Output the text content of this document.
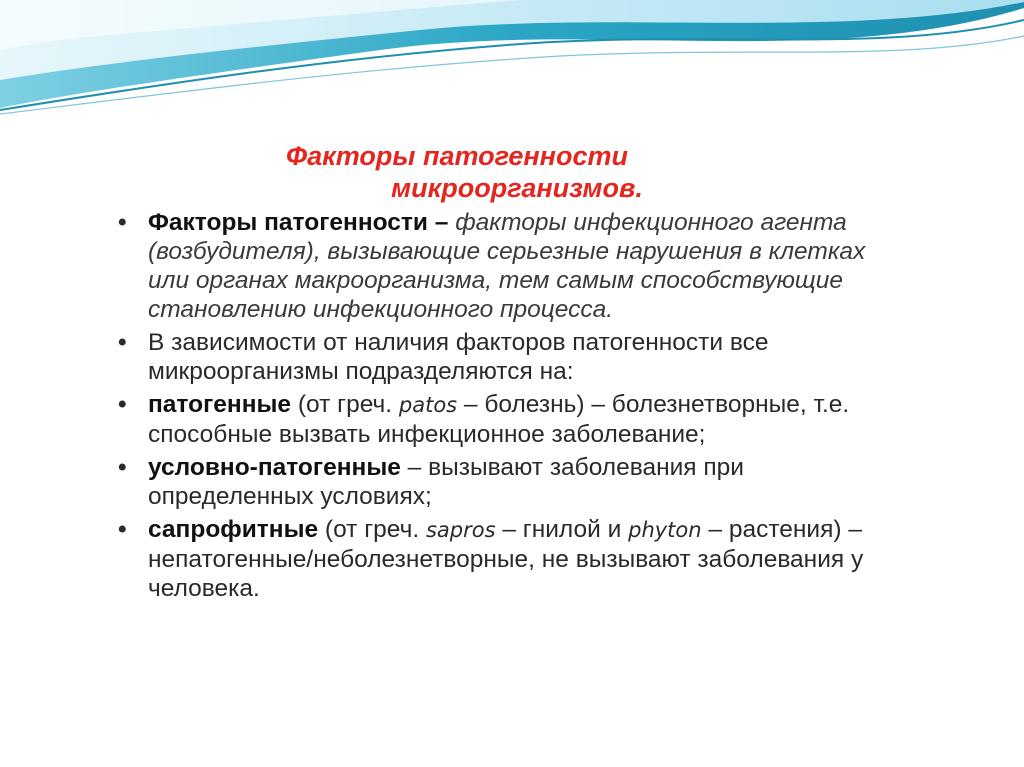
Факторы патогенности
микроорганизмов.
• Факторы патогенности – факторы инфекционного агента (возбудителя), вызывающие серьезные нарушения в клетках или органах макроорганизма, тем самым способствующие становлению инфекционного процесса.
• В зависимости от наличия факторов патогенности все микроорганизмы подразделяются на:
• патогенные (от греч. patos – болезнь) – болезнетворные, т.е. способные вызвать инфекционное заболевание;
• условно-патогенные – вызывают заболевания при определенных условиях;
• сапрофитные (от греч. sapros – гнилой и phyton – растения) – непатогенные/неболезнетворные, не вызывают заболевания у человека.
